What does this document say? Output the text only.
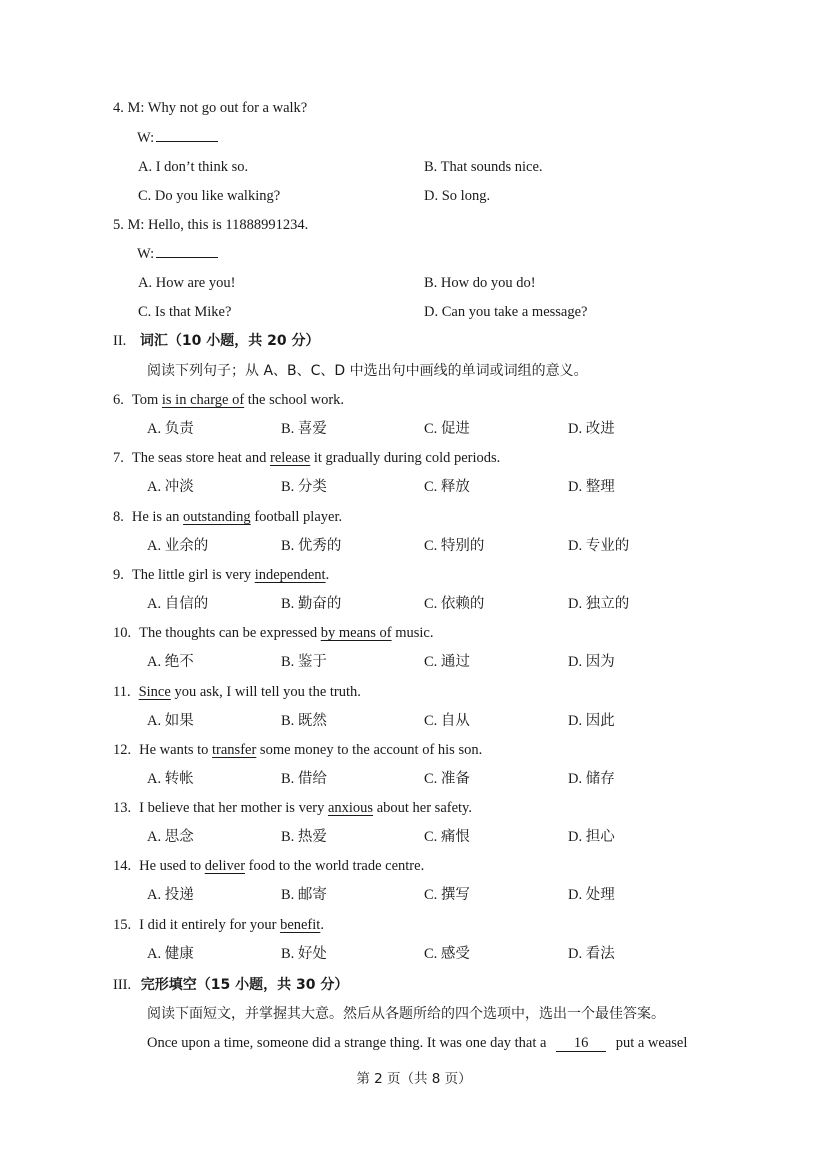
4. M: Why not go out for a walk?
W:
A. I don’t think so.	B. That sounds nice.
C. Do you like walking?	D. So long.
5. M: Hello, this is 11888991234.
W:
A. How are you!	B. How do you do!
C. Is that Mike?	D. Can you take a message?
II. 词汇（10 小题，共 20 分）
阅读下列句子；从 A、B、C、D 中选出句中画线的单词或词组的意义。
6. Tom is in charge of the school work.
A. 负责	B. 喜爱	C. 促进	D. 改进
7. The seas store heat and release it gradually during cold periods.
A. 冲淡	B. 分类	C. 释放	D. 整理
8. He is an outstanding football player.
A. 业余的	B. 优秀的	C. 特别的	D. 专业的
9. The little girl is very independent.
A. 自信的	B. 勤奋的	C. 依赖的	D. 独立的
10. The thoughts can be expressed by means of music.
A. 绝不	B. 鉴于	C. 通过	D. 因为
11. Since you ask, I will tell you the truth.
A. 如果	B. 既然	C. 自从	D. 因此
12. He wants to transfer some money to the account of his son.
A. 转帐	B. 借给	C. 准备	D. 储存
13. I believe that her mother is very anxious about her safety.
A. 思念	B. 热爱	C. 痛恨	D. 担心
14. He used to deliver food to the world trade centre.
A. 投递	B. 邮寄	C. 撰写	D. 处理
15. I did it entirely for your benefit.
A. 健康	B. 好处	C. 感受	D. 看法
III. 完形填空（15 小题，共 30 分）
阅读下面短文，并掌握其大意。然后从各题所给的四个选项中，选出一个最佳答案。
Once upon a time, someone did a strange thing. It was one day that a 16 put a weasel
第 2 页（共 8 页）
